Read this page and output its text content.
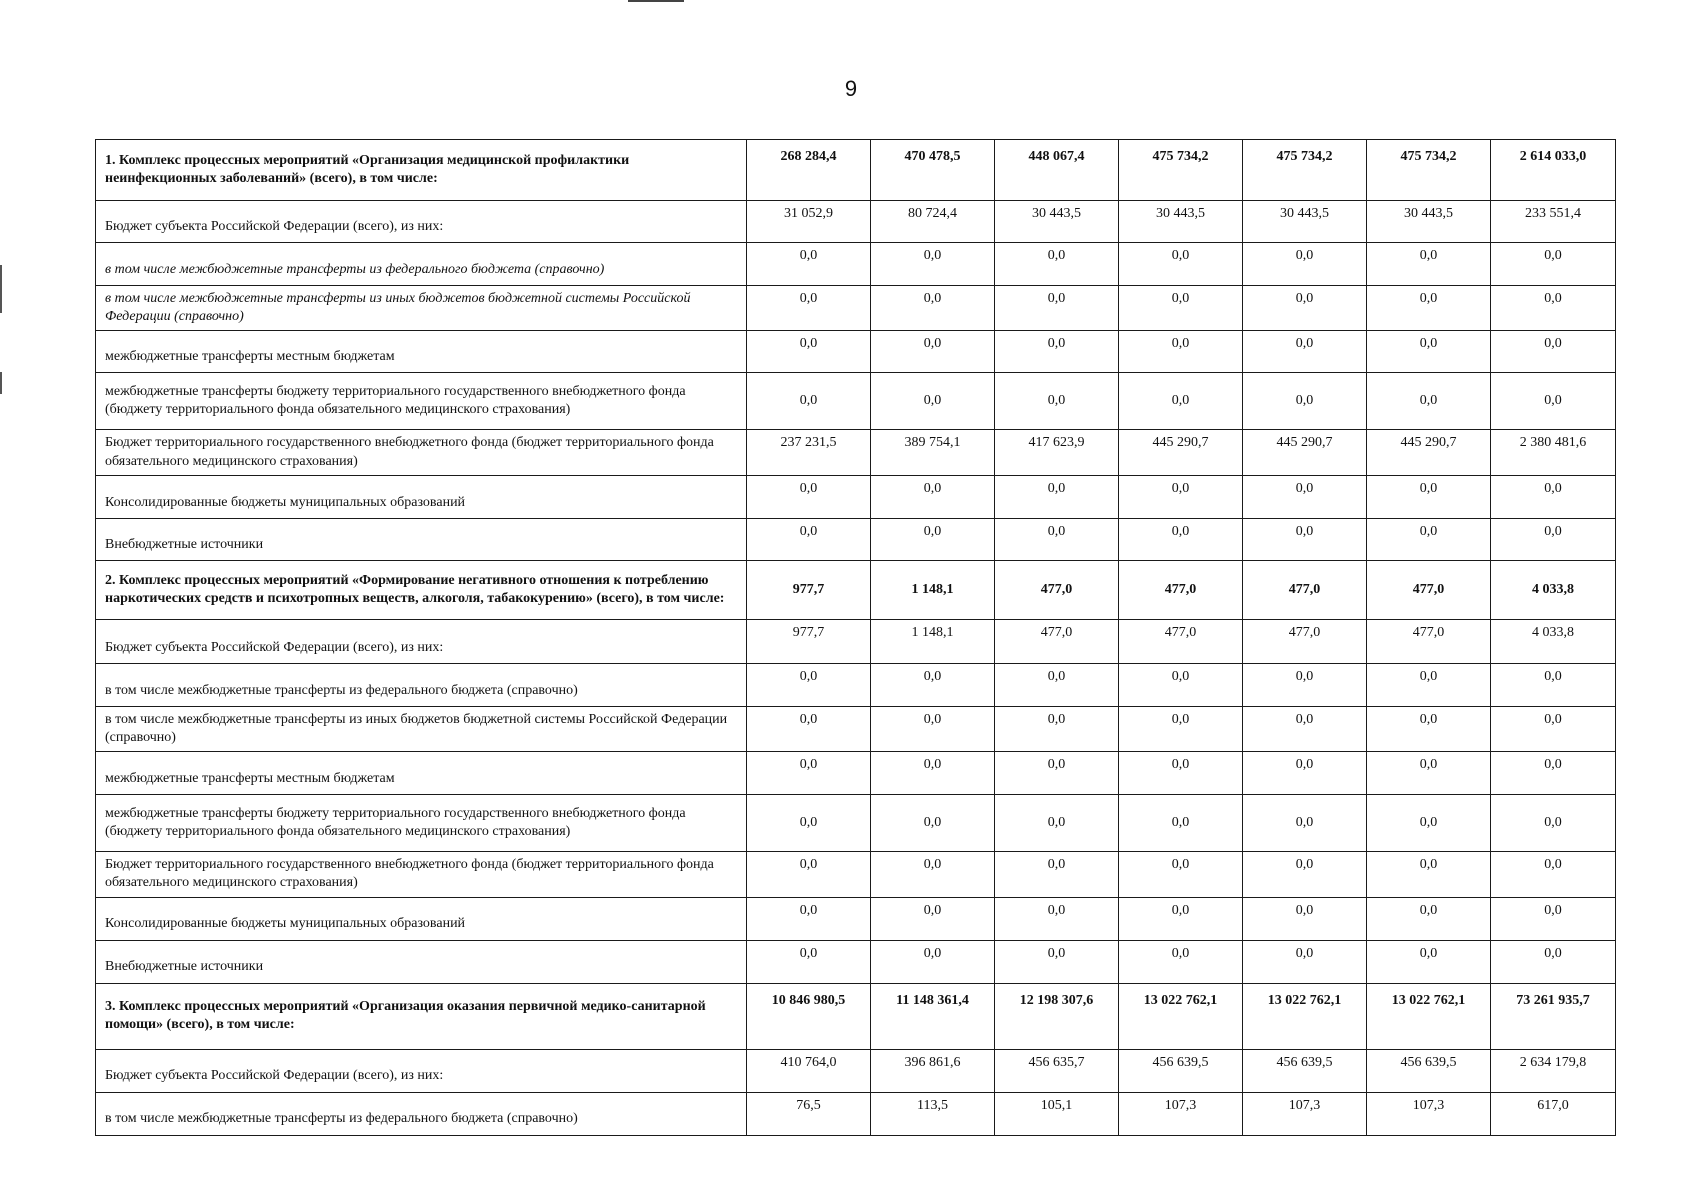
9
1. Комплекс процессных мероприятий «Организация медицинской профилактики неинфекционных заболеваний» (всего), в том числе:	268 284,4	470 478,5	448 067,4	475 734,2	475 734,2	475 734,2	2 614 033,0
Бюджет субъекта Российской Федерации (всего), из них:	31 052,9	80 724,4	30 443,5	30 443,5	30 443,5	30 443,5	233 551,4
в том числе межбюджетные трансферты из федерального бюджета (справочно)	0,0	0,0	0,0	0,0	0,0	0,0	0,0
в том числе межбюджетные трансферты из иных бюджетов бюджетной системы Российской Федерации (справочно)	0,0	0,0	0,0	0,0	0,0	0,0	0,0
межбюджетные трансферты местным бюджетам	0,0	0,0	0,0	0,0	0,0	0,0	0,0
межбюджетные трансферты бюджету территориального государственного внебюджетного фонда (бюджету территориального фонда обязательного медицинского страхования)	0,0	0,0	0,0	0,0	0,0	0,0	0,0
Бюджет территориального государственного внебюджетного фонда (бюджет территориального фонда обязательного медицинского страхования)	237 231,5	389 754,1	417 623,9	445 290,7	445 290,7	445 290,7	2 380 481,6
Консолидированные бюджеты муниципальных образований	0,0	0,0	0,0	0,0	0,0	0,0	0,0
Внебюджетные источники	0,0	0,0	0,0	0,0	0,0	0,0	0,0
2. Комплекс процессных мероприятий «Формирование негативного отношения к потреблению наркотических средств и психотропных веществ, алкоголя, табакокурению» (всего), в том числе:	977,7	1 148,1	477,0	477,0	477,0	477,0	4 033,8
Бюджет субъекта Российской Федерации (всего), из них:	977,7	1 148,1	477,0	477,0	477,0	477,0	4 033,8
в том числе межбюджетные трансферты из федерального бюджета (справочно)	0,0	0,0	0,0	0,0	0,0	0,0	0,0
в том числе межбюджетные трансферты из иных бюджетов бюджетной системы Российской Федерации (справочно)	0,0	0,0	0,0	0,0	0,0	0,0	0,0
межбюджетные трансферты местным бюджетам	0,0	0,0	0,0	0,0	0,0	0,0	0,0
межбюджетные трансферты бюджету территориального государственного внебюджетного фонда (бюджету территориального фонда обязательного медицинского страхования)	0,0	0,0	0,0	0,0	0,0	0,0	0,0
Бюджет территориального государственного внебюджетного фонда (бюджет территориального фонда обязательного медицинского страхования)	0,0	0,0	0,0	0,0	0,0	0,0	0,0
Консолидированные бюджеты муниципальных образований	0,0	0,0	0,0	0,0	0,0	0,0	0,0
Внебюджетные источники	0,0	0,0	0,0	0,0	0,0	0,0	0,0
3. Комплекс процессных мероприятий «Организация оказания первичной медико-санитарной помощи» (всего), в том числе:	10 846 980,5	11 148 361,4	12 198 307,6	13 022 762,1	13 022 762,1	13 022 762,1	73 261 935,7
Бюджет субъекта Российской Федерации (всего), из них:	410 764,0	396 861,6	456 635,7	456 639,5	456 639,5	456 639,5	2 634 179,8
в том числе межбюджетные трансферты из федерального бюджета (справочно)	76,5	113,5	105,1	107,3	107,3	107,3	617,0
